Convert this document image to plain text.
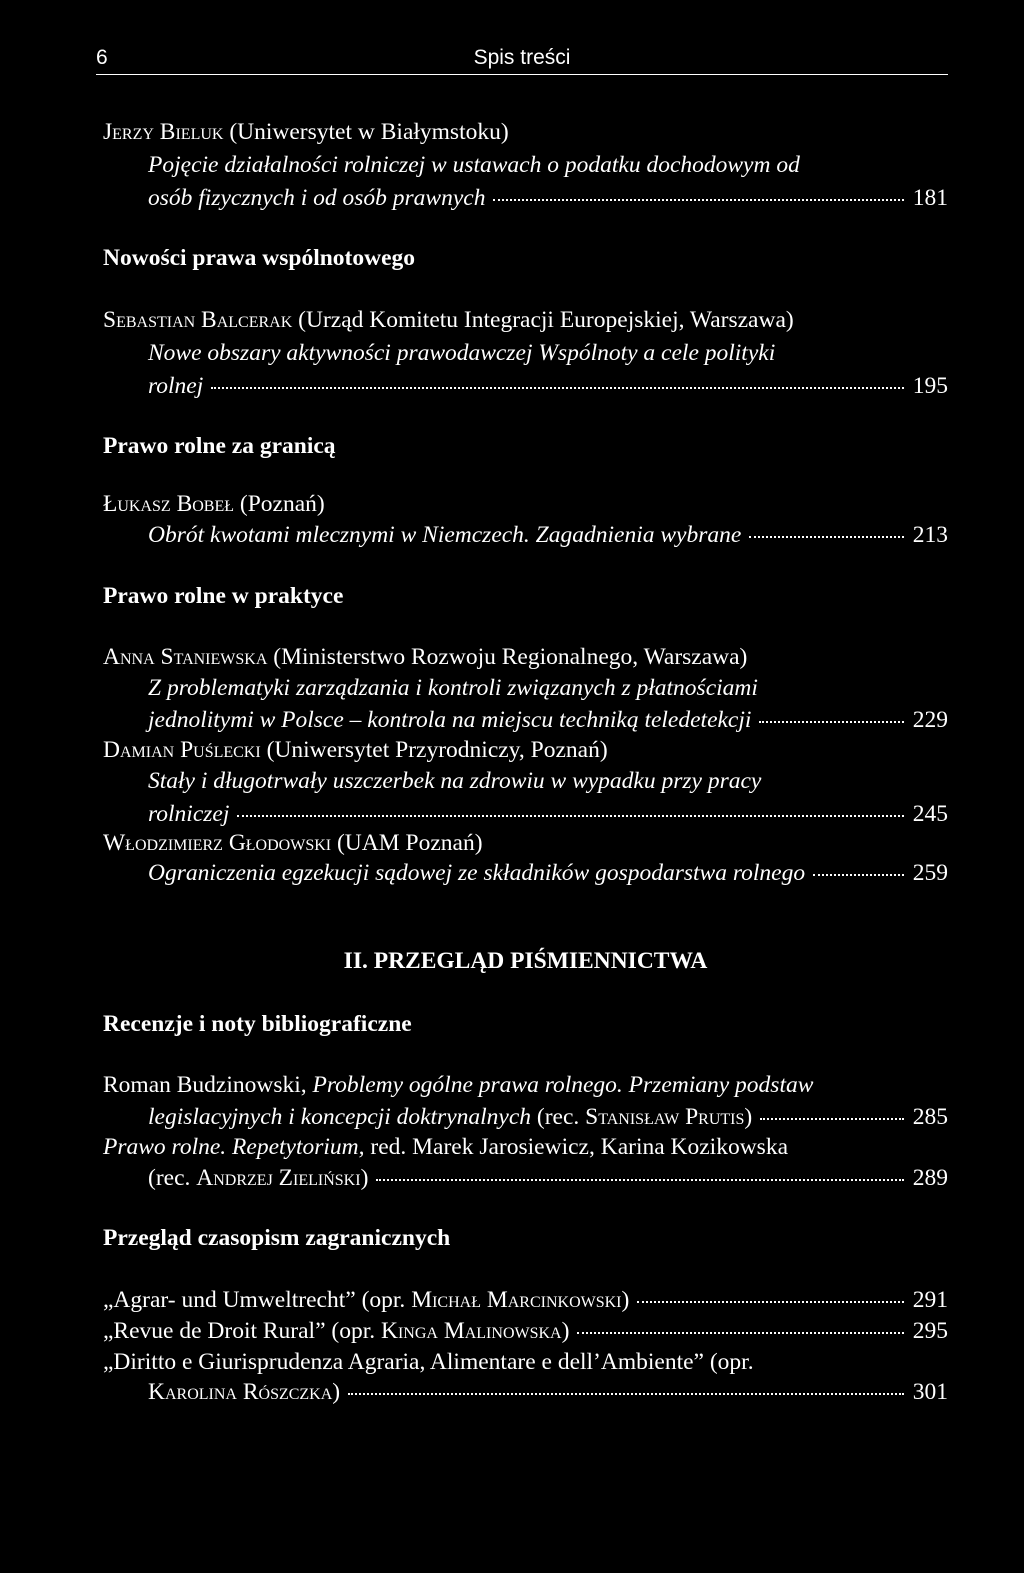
6	Spis treści
Jerzy Bieluk (Uniwersytet w Białymstoku)
Pojęcie działalności rolniczej w ustawach o podatku dochodowym od
osób fizycznych i od osób prawnych	181
Nowości prawa wspólnotowego
Sebastian Balcerak (Urząd Komitetu Integracji Europejskiej, Warszawa)
Nowe obszary aktywności prawodawczej Wspólnoty a cele polityki
rolnej	195
Prawo rolne za granicą
Łukasz Bobeł (Poznań)
Obrót kwotami mlecznymi w Niemczech. Zagadnienia wybrane	213
Prawo rolne w praktyce
Anna Staniewska (Ministerstwo Rozwoju Regionalnego, Warszawa)
Z problematyki zarządzania i kontroli związanych z płatnościami
jednolitymi w Polsce – kontrola na miejscu techniką teledetekcji	229
Damian Puślecki (Uniwersytet Przyrodniczy, Poznań)
Stały i długotrwały uszczerbek na zdrowiu w wypadku przy pracy
rolniczej	245
Włodzimierz Głodowski (UAM Poznań)
Ograniczenia egzekucji sądowej ze składników gospodarstwa rolnego	259
II. PRZEGLĄD PIŚMIENNICTWA
Recenzje i noty bibliograficzne
Roman Budzinowski, Problemy ogólne prawa rolnego. Przemiany podstaw
legislacyjnych i koncepcji doktrynalnych (rec. Stanisław Prutis)	285
Prawo rolne. Repetytorium, red. Marek Jarosiewicz, Karina Kozikowska
(rec. Andrzej Zieliński)	289
Przegląd czasopism zagranicznych
„Agrar- und Umweltrecht” (opr. Michał Marcinkowski)	291
„Revue de Droit Rural” (opr. Kinga Malinowska)	295
„Diritto e Giurisprudenza Agraria, Alimentare e dell’Ambiente” (opr.
Karolina Rószczka)	301
